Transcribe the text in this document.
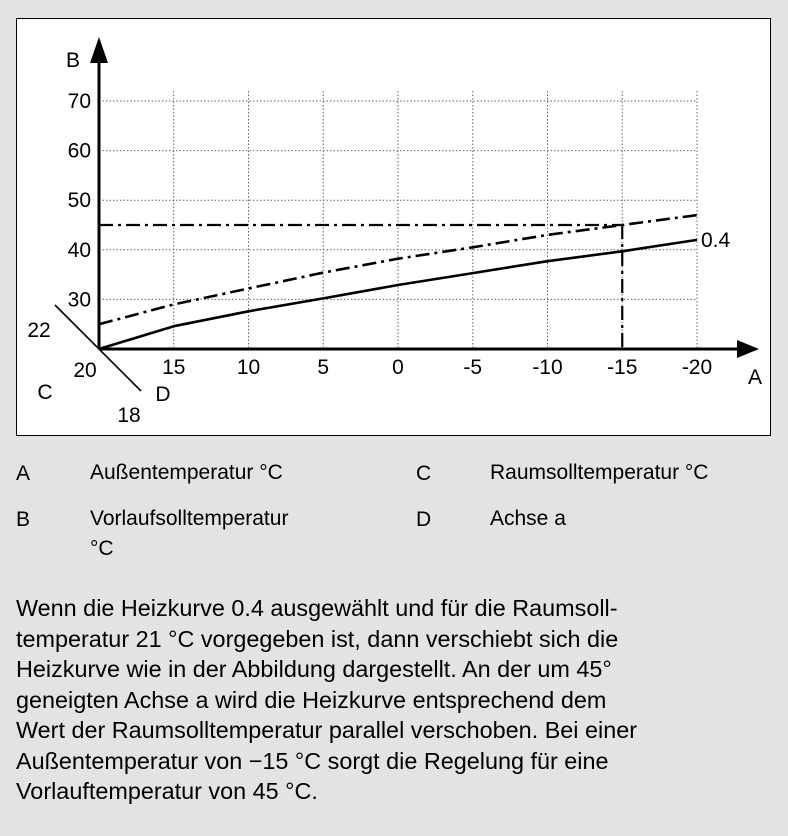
0.4
A
B
20	15 10	5	0	-5 -10 -15 -20
30
40
50
60
70
22
C	D
18
A	Außentemperatur °C
B	Vorlaufsolltemperatur
°C
C	Raumsolltemperatur °C
D	Achse a
Wenn die Heizkurve 0.4 ausgewählt und für die Raumsoll-
temperatur 21 °C vorgegeben ist, dann verschiebt sich die
Heizkurve wie in der Abbildung dargestellt. An der um 45°
geneigten Achse a wird die Heizkurve entsprechend dem
Wert der Raumsolltemperatur parallel verschoben. Bei einer
Außentemperatur von −15 °C sorgt die Regelung für eine
Vorlauftemperatur von 45 °C.
